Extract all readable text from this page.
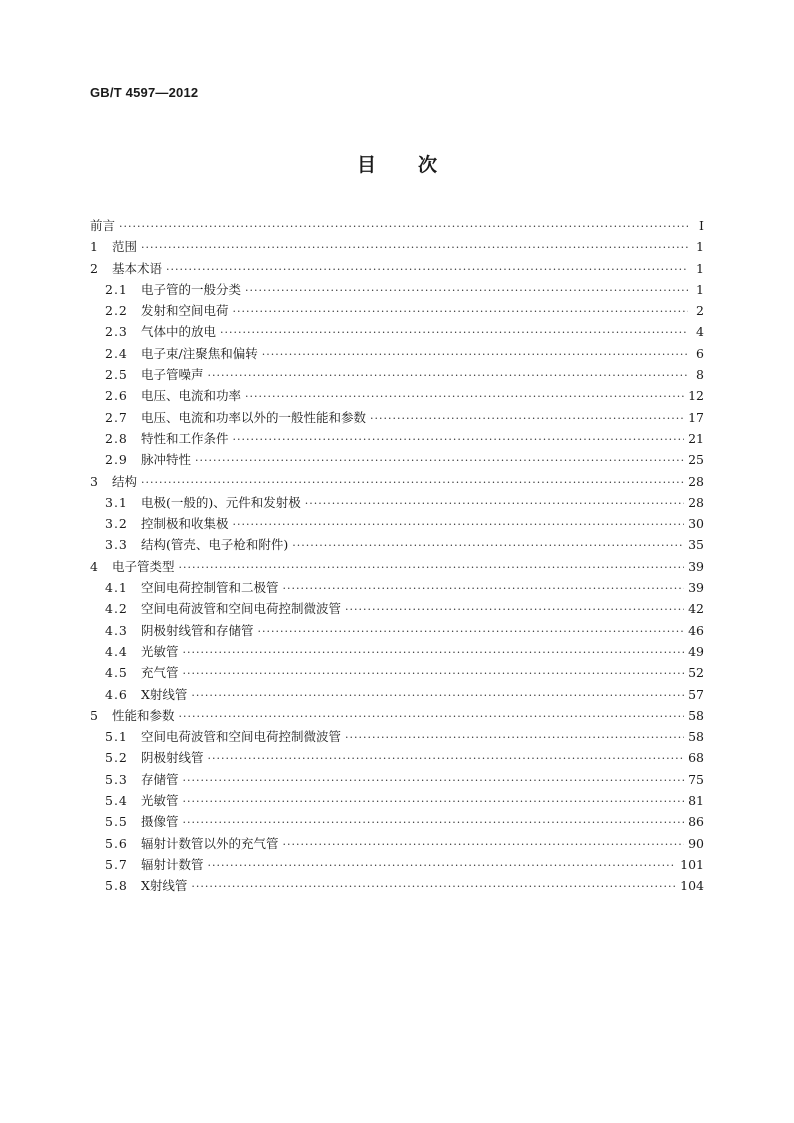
GB/T 4597—2012
目 次
前言 ·····	Ⅰ
1	范围 ·····	1
2	基本术语 ·····	1
2.1	电子管的一般分类 ·····	1
2.2	发射和空间电荷 ·····	2
2.3	气体中的放电 ·····	4
2.4	电子束/注聚焦和偏转 ·····	6
2.5	电子管噪声 ·····	8
2.6	电压、电流和功率 ·····	12
2.7	电压、电流和功率以外的一般性能和参数 ·····	17
2.8	特性和工作条件 ·····	21
2.9	脉冲特性 ·····	25
3	结构 ·····	28
3.1	电极(一般的)、元件和发射极 ·····	28
3.2	控制极和收集极 ·····	30
3.3	结构(管壳、电子枪和附件) ·····	35
4	电子管类型 ·····	39
4.1	空间电荷控制管和二极管 ·····	39
4.2	空间电荷波管和空间电荷控制微波管 ·····	42
4.3	阴极射线管和存储管 ·····	46
4.4	光敏管 ·····	49
4.5	充气管 ·····	52
4.6	X射线管 ·····	57
5	性能和参数 ·····	58
5.1	空间电荷波管和空间电荷控制微波管 ·····	58
5.2	阴极射线管 ·····	68
5.3	存储管 ·····	75
5.4	光敏管 ·····	81
5.5	摄像管 ·····	86
5.6	辐射计数管以外的充气管 ·····	90
5.7	辐射计数管 ·····	101
5.8	X射线管 ·····	104
